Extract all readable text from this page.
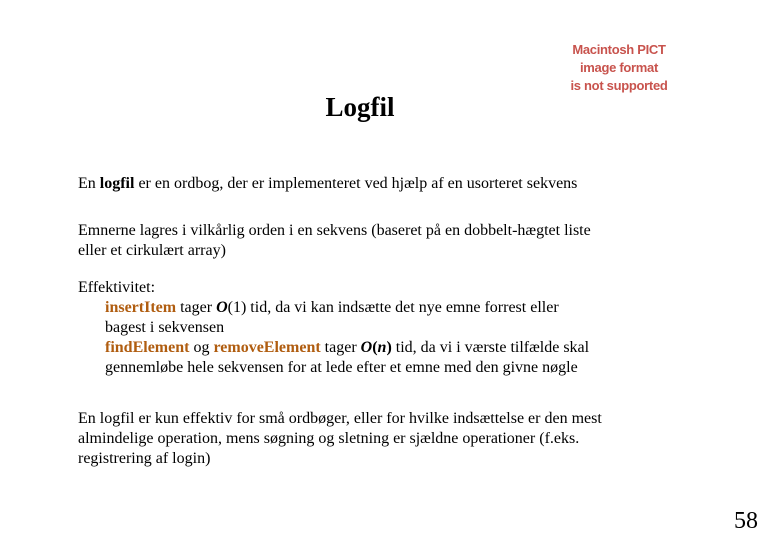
Macintosh PICT
image format
is not supported
Logfil
En logfil er en ordbog, der er implementeret ved hjælp af en usorteret sekvens
Emnerne lagres i vilkårlig orden i en sekvens (baseret på en dobbelt-hægtet liste
eller et cirkulært array)
Effektivitet:
insertItem tager O(1) tid, da vi kan indsætte det nye emne forrest eller
bagest i sekvensen
findElement og removeElement tager O(n) tid, da vi i værste tilfælde skal
gennemløbe hele sekvensen for at lede efter et emne med den givne nøgle
En logfil er kun effektiv for små ordbøger, eller for hvilke indsættelse er den mest
almindelige operation, mens søgning og sletning er sjældne operationer (f.eks.
registrering af login)
58
